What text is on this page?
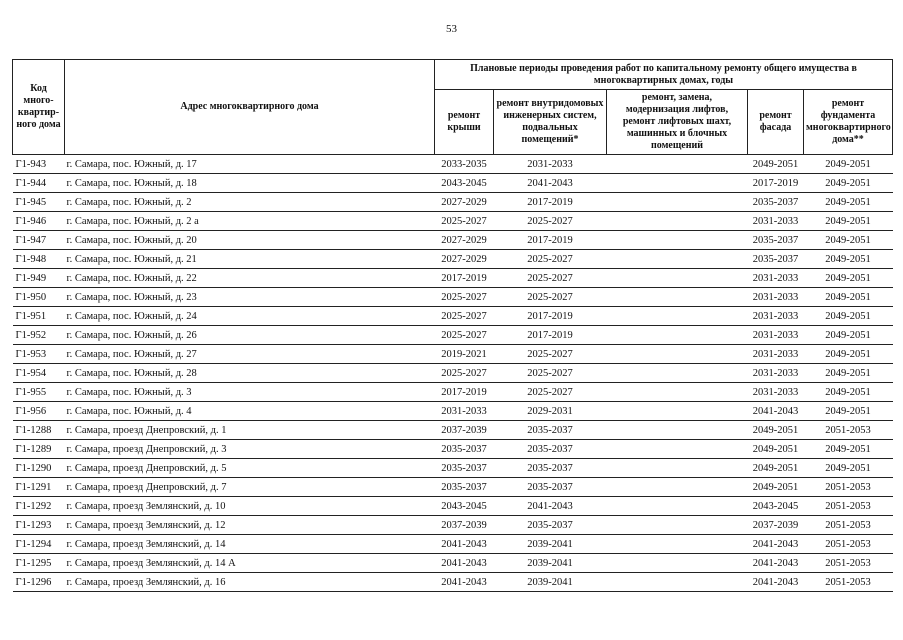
53
Код много-квартир-ного дома	Адрес многоквартирного дома	Плановые периоды проведения работ по капитальному ремонту общего имущества в многоквартирных домах, годы				
		ремонт крыши	ремонт внутридомовых инженерных систем, подвальных помещений*	ремонт, замена, модернизация лифтов, ремонт лифтовых шахт, машинных и блочных помещений	ремонт фасада	ремонт фундамента многоквартирного дома**
Г1-943	г. Самара, пос. Южный, д. 17	2033-2035	2031-2033		2049-2051	2049-2051
Г1-944	г. Самара, пос. Южный, д. 18	2043-2045	2041-2043		2017-2019	2049-2051
Г1-945	г. Самара, пос. Южный, д. 2	2027-2029	2017-2019		2035-2037	2049-2051
Г1-946	г. Самара, пос. Южный, д. 2 а	2025-2027	2025-2027		2031-2033	2049-2051
Г1-947	г. Самара, пос. Южный, д. 20	2027-2029	2017-2019		2035-2037	2049-2051
Г1-948	г. Самара, пос. Южный, д. 21	2027-2029	2025-2027		2035-2037	2049-2051
Г1-949	г. Самара, пос. Южный, д. 22	2017-2019	2025-2027		2031-2033	2049-2051
Г1-950	г. Самара, пос. Южный, д. 23	2025-2027	2025-2027		2031-2033	2049-2051
Г1-951	г. Самара, пос. Южный, д. 24	2025-2027	2017-2019		2031-2033	2049-2051
Г1-952	г. Самара, пос. Южный, д. 26	2025-2027	2017-2019		2031-2033	2049-2051
Г1-953	г. Самара, пос. Южный, д. 27	2019-2021	2025-2027		2031-2033	2049-2051
Г1-954	г. Самара, пос. Южный, д. 28	2025-2027	2025-2027		2031-2033	2049-2051
Г1-955	г. Самара, пос. Южный, д. 3	2017-2019	2025-2027		2031-2033	2049-2051
Г1-956	г. Самара, пос. Южный, д. 4	2031-2033	2029-2031		2041-2043	2049-2051
Г1-1288	г. Самара, проезд Днепровский, д. 1	2037-2039	2035-2037		2049-2051	2051-2053
Г1-1289	г. Самара, проезд Днепровский, д. 3	2035-2037	2035-2037		2049-2051	2049-2051
Г1-1290	г. Самара, проезд Днепровский, д. 5	2035-2037	2035-2037		2049-2051	2049-2051
Г1-1291	г. Самара, проезд Днепровский, д. 7	2035-2037	2035-2037		2049-2051	2051-2053
Г1-1292	г. Самара, проезд Землянский, д. 10	2043-2045	2041-2043		2043-2045	2051-2053
Г1-1293	г. Самара, проезд Землянский, д. 12	2037-2039	2035-2037		2037-2039	2051-2053
Г1-1294	г. Самара, проезд Землянский, д. 14	2041-2043	2039-2041		2041-2043	2051-2053
Г1-1295	г. Самара, проезд Землянский, д. 14 А	2041-2043	2039-2041		2041-2043	2051-2053
Г1-1296	г. Самара, проезд Землянский, д. 16	2041-2043	2039-2041		2041-2043	2051-2053
